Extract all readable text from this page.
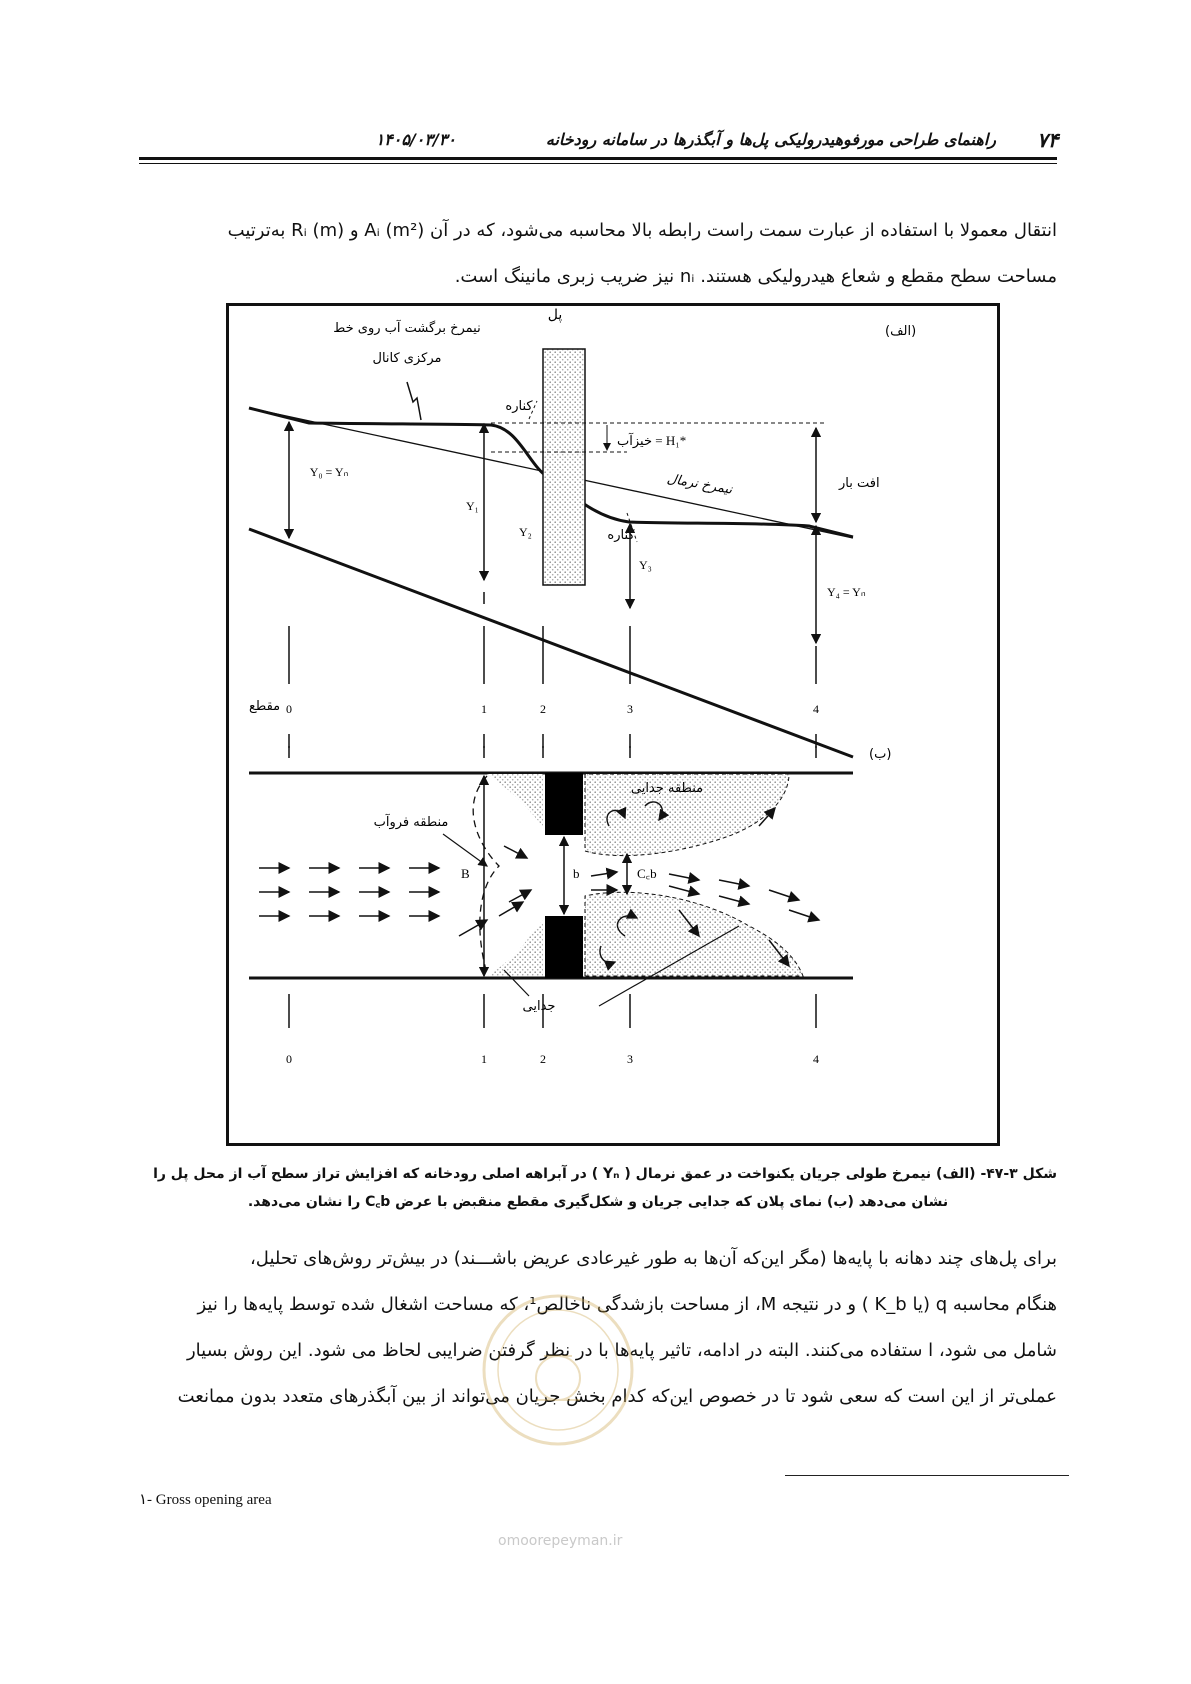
۷۴
راهنمای طراحی مورفوهیدرولیکی پل‌ها و آبگذرها در سامانه رودخانه
۱۴۰۵/۰۳/۳۰
انتقال معمولا با استفاده از عبارت سمت راست رابطه بالا محاسبه می‌شود، که در آن Aᵢ (m²) و Rᵢ (m) به‌ترتیب
مساحت سطح مقطع و شعاع هیدرولیکی هستند. nᵢ نیز ضریب زبری مانینگ است.
(الف)
پل
نیمرخ برگشت آب روی خط
مرکزی کانال
کناره
کناره
خیزآب = H₁*
نیمرخ نرمال
Y₀ = Yₙ
Y₁
Y₂
Y₃
Y₄ = Yₙ
افت بار
مقطع 0	1	2	3	4
(ب)
B	b	C꜀b
منطقه جدایی
منطقه فروآب
جدایی
0	1	2	3	4
شکل ۳-۴۷- (الف) نیمرخ طولی جریان یکنواخت در عمق نرمال ( Yₙ ) در آبراهه اصلی رودخانه که افزایش تراز سطح آب از محل پل را
نشان می‌دهد (ب) نمای پلان که جدایی جریان و شکل‌گیری مقطع منقبض با عرض C꜀b را نشان می‌دهد.
برای پل‌های چند دهانه با پایه‌ها (مگر این‌که آن‌ها به طور غیرعادی عریض باشـــند) در بیش‌تر روش‌های تحلیل،
هنگام محاسبه q (یا K_b ) و در نتیجه M، از مساحت بازشدگی ناخالص¹، که مساحت اشغال شده توسط پایه‌ها را نیز
شامل می شود، ا ستفاده می‌کنند. البته در ادامه، تاثیر پایه‌ها با در نظر گرفتن ضرایبی لحاظ می شود. این روش بسیار
عملی‌تر از این است که سعی شود تا در خصوص این‌که کدام بخش جریان می‌تواند از بین آبگذرهای متعدد بدون ممانعت
۱- Gross opening area
omoorepeyman.ir
